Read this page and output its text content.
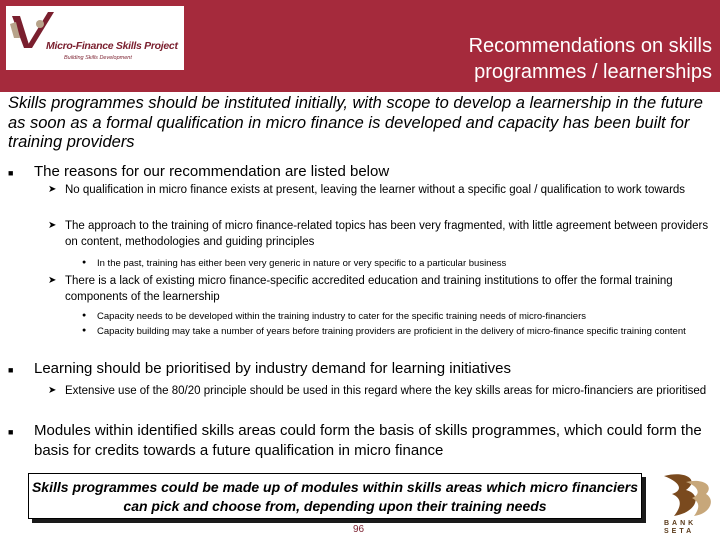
Micro-Finance Skills Project
Building Skills Development
Recommendations on skills
programmes / learnerships
Skills programmes should be instituted initially, with scope to develop a learnership in the future as soon as a formal qualification in micro finance is developed and capacity has been built for training providers
■ The reasons for our recommendation are listed below
➤ No qualification in micro finance exists at present, leaving the learner without a specific goal / qualification to work towards
➤ The approach to the training of micro finance-related topics has been very fragmented, with little agreement between providers on content, methodologies and guiding principles
● In the past, training has either been very generic in nature or very specific to a particular business
➤ There is a lack of existing micro finance-specific accredited education and training institutions to offer the formal training components of the learnership
● Capacity needs to be developed within the training industry to cater for the specific training needs of micro-financiers
● Capacity building may take a number of years before training providers are proficient in the delivery of micro-finance specific training content
■ Learning should be prioritised by industry demand for learning initiatives
➤ Extensive use of the 80/20 principle should be used in this regard where the key skills areas for micro-financiers are prioritised
■ Modules within identified skills areas could form the basis of skills programmes, which could form the basis for credits towards a future qualification in micro finance
Skills programmes could be made up of modules within skills areas which micro financiers can pick and choose from, depending upon their training needs
96
BANK
SETA
